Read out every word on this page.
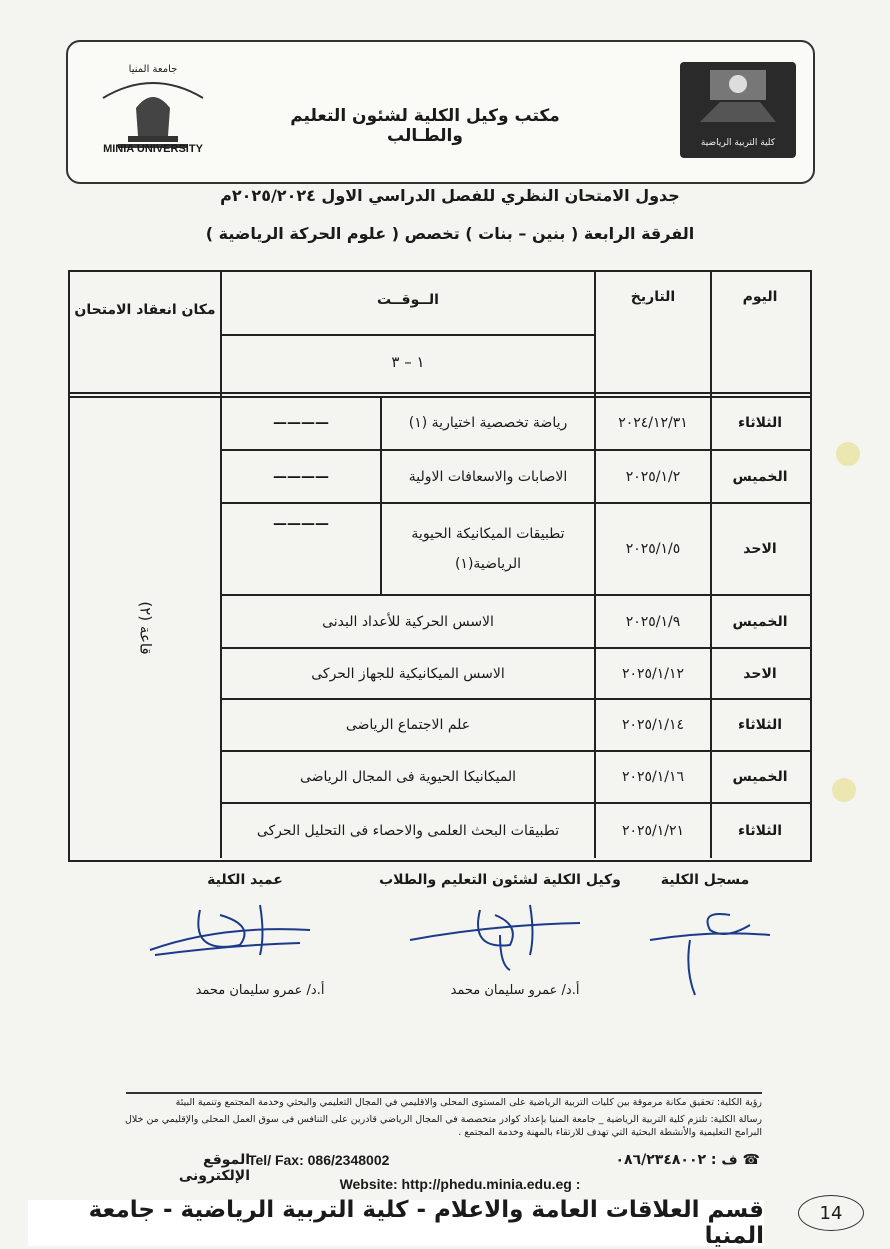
جامعة المنيا
MINIA UNIVERSITY
مكتب وكيل الكلية لشئون التعليم والطـالب	كلية التربية الرياضية
جدول الامتحان النظري للفصل الدراسي الاول ٢٠٢٥/٢٠٢٤م
الفرقة الرابعة ( بنين – بنات ) تخصص ( علوم الحركة الرياضية )
اليوم
التاريخ
الــوقــت
١ – ٣
مكان انعقاد الامتحان
قاعة (٢)
الثلاثاء
٢٠٢٤/١٢/٣١
رياضة تخصصية اختيارية (١)
————
الخميس
٢٠٢٥/١/٢
الاصابات والاسعافات الاولية
————
الاحد
٢٠٢٥/١/٥
تطبيقات الميكانيكة الحيوية الرياضية(١)
————
الخميس
٢٠٢٥/١/٩
الاسس الحركية للأعداد البدنى
الاحد
٢٠٢٥/١/١٢
الاسس الميكانيكية للجهاز الحركى
الثلاثاء
٢٠٢٥/١/١٤
علم الاجتماع الرياضى
الخميس
٢٠٢٥/١/١٦
الميكانيكا الحيوية فى المجال الرياضى
الثلاثاء
٢٠٢٥/١/٢١
تطبيقات البحث العلمى والاحصاء فى التحليل الحركى
مسجل الكلية
وكيل الكلية لشئون التعليم والطلاب
عميد الكلية
أ.د/ عمرو سليمان محمد
أ.د/ عمرو سليمان محمد
رؤية الكلية: تحقيق مكانة مرموقة بين كليات التربية الرياضية على المستوى المحلى والاقليمي في المجال التعليمي والبحثي وخدمة المجتمع وتنمية البيئة
رسالة الكلية: تلتزم كلية التربية الرياضية _ جامعة المنيا بإعداد كوادر متخصصة في المجال الرياضي قادرين على التنافس فى سوق العمل المحلى والإقليمي من خلال البرامج التعليمية والأنشطة البحثية التي تهدف للارتقاء بالمهنة وخدمة المجتمع .
☎ ف : ٠٨٦/٢٣٤٨٠٠٢
Tel/ Fax: 086/2348002
الموقع الإلكترونى	Website: http://phedu.minia.edu.eg :
قسم العلاقات العامة والاعلام - كلية التربية الرياضية - جامعة المنيا
14
